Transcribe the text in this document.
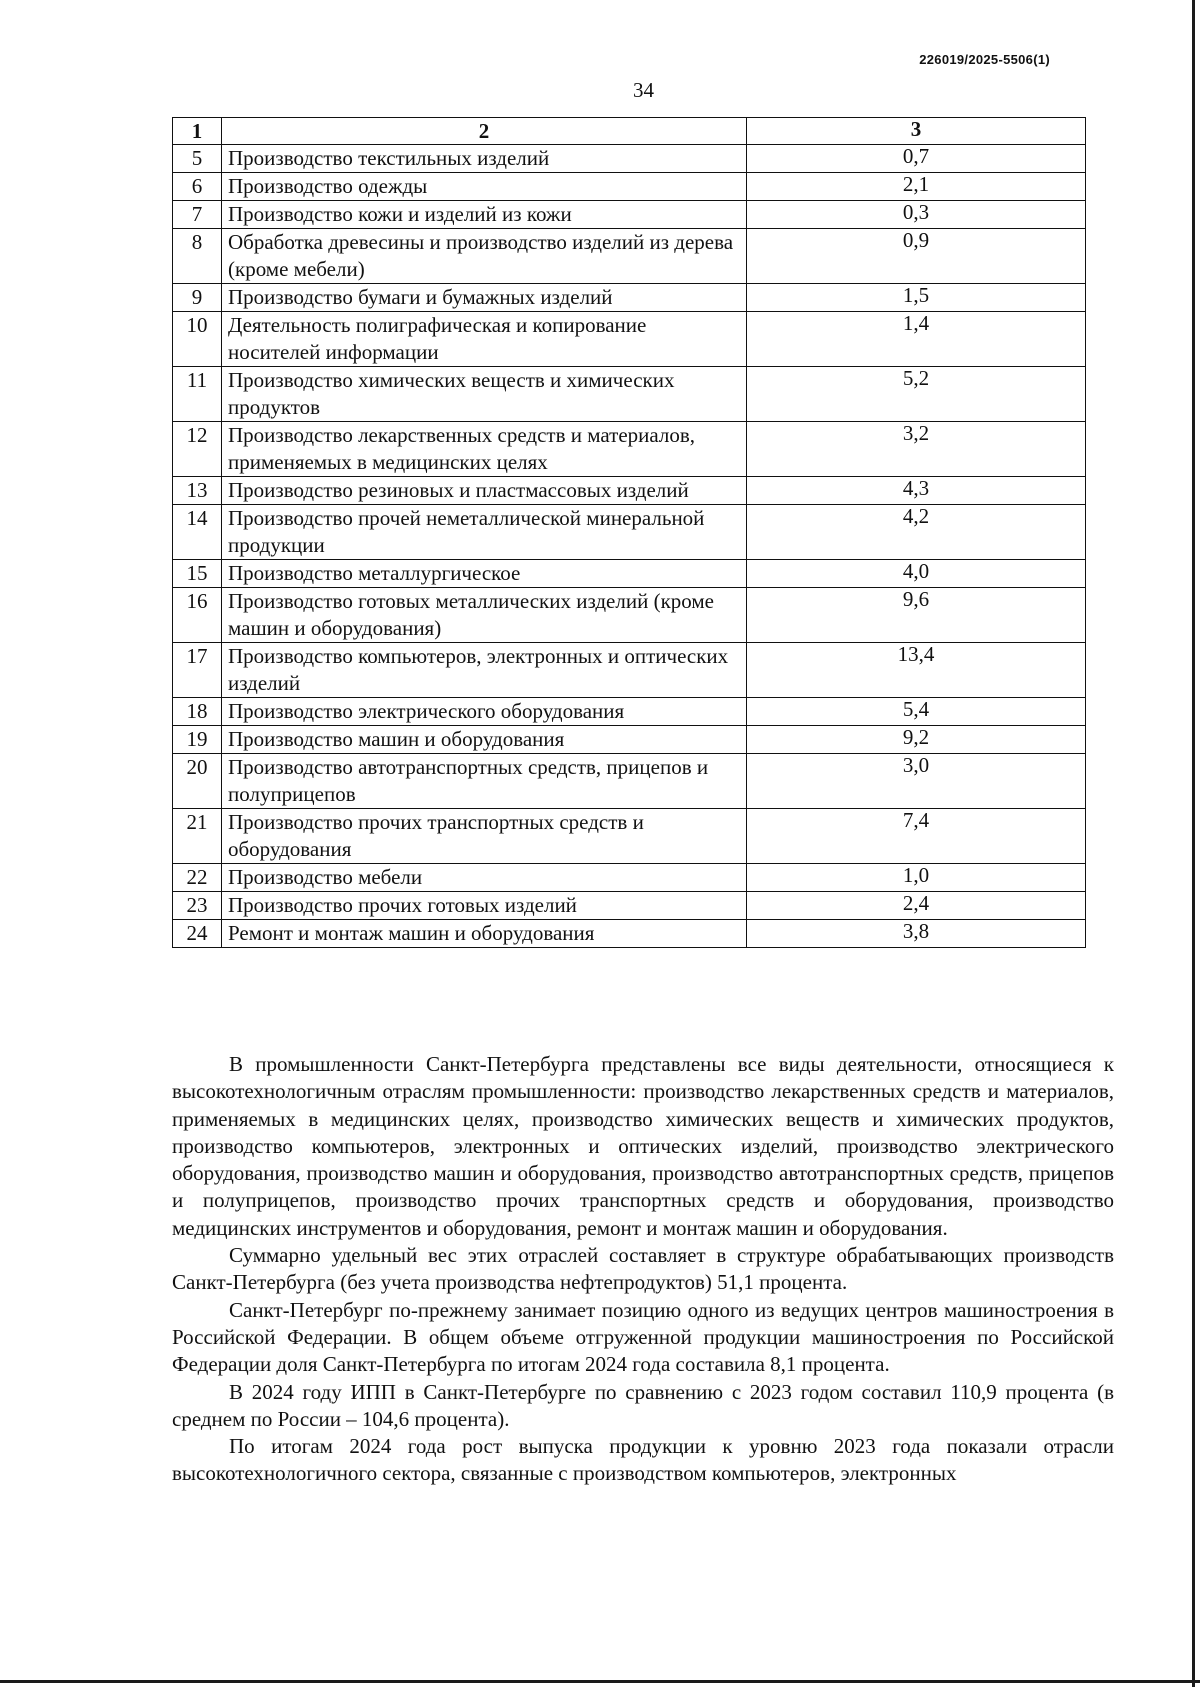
226019/2025-5506(1)
34
1	2	3
5	Производство текстильных изделий	0,7
6	Производство одежды	2,1
7	Производство кожи и изделий из кожи	0,3
8	Обработка древесины и производство изделий из дерева (кроме мебели)	0,9
9	Производство бумаги и бумажных изделий	1,5
10	Деятельность полиграфическая и копирование носителей информации	1,4
11	Производство химических веществ и химических продуктов	5,2
12	Производство лекарственных средств и материалов, применяемых в медицинских целях	3,2
13	Производство резиновых и пластмассовых изделий	4,3
14	Производство прочей неметаллической минеральной продукции	4,2
15	Производство металлургическое	4,0
16	Производство готовых металлических изделий (кроме машин и оборудования)	9,6
17	Производство компьютеров, электронных и оптических изделий	13,4
18	Производство электрического оборудования	5,4
19	Производство машин и оборудования	9,2
20	Производство автотранспортных средств, прицепов и полуприцепов	3,0
21	Производство прочих транспортных средств и оборудования	7,4
22	Производство мебели	1,0
23	Производство прочих готовых изделий	2,4
24	Ремонт и монтаж машин и оборудования	3,8

В промышленности Санкт-Петербурга представлены все виды деятельности, относящиеся к высокотехнологичным отраслям промышленности: производство лекарственных средств и материалов, применяемых в медицинских целях, производство химических веществ и химических продуктов, производство компьютеров, электронных и оптических изделий, производство электрического оборудования, производство машин и оборудования, производство автотранспортных средств, прицепов и полуприцепов, производство прочих транспортных средств и оборудования, производство медицинских инструментов и оборудования, ремонт и монтаж машин и оборудования.

Суммарно удельный вес этих отраслей составляет в структуре обрабатывающих производств Санкт-Петербурга (без учета производства нефтепродуктов) 51,1 процента.

Санкт-Петербург по-прежнему занимает позицию одного из ведущих центров машиностроения в Российской Федерации. В общем объеме отгруженной продукции машиностроения по Российской Федерации доля Санкт-Петербурга по итогам 2024 года составила 8,1 процента.

В 2024 году ИПП в Санкт-Петербурге по сравнению с 2023 годом составил 110,9 процента (в среднем по России – 104,6 процента).

По итогам 2024 года рост выпуска продукции к уровню 2023 года показали отрасли высокотехнологичного сектора, связанные с производством компьютеров, электронных
